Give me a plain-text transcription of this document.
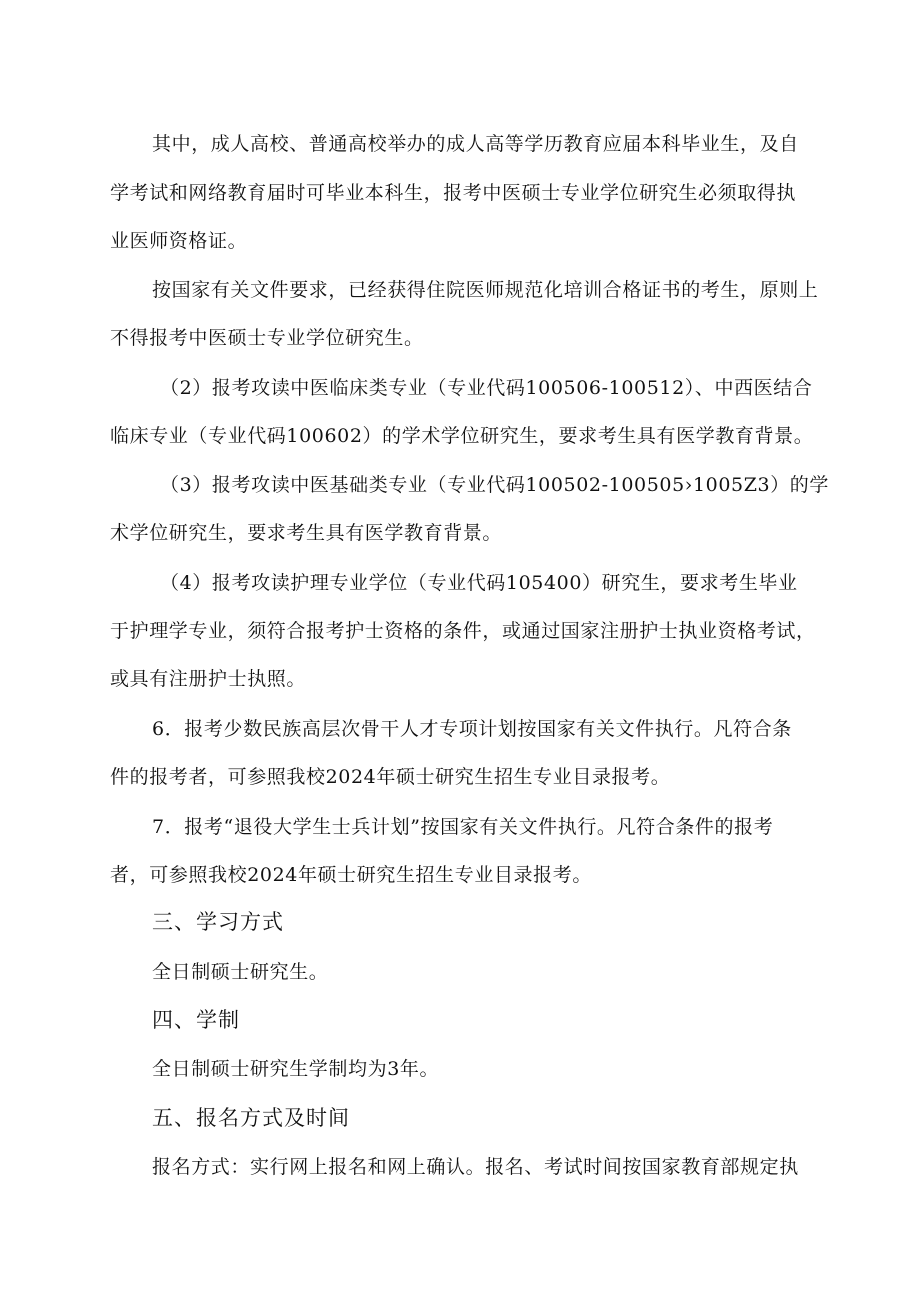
其中，成人高校、普通高校举办的成人高等学历教育应届本科毕业生，及自
学考试和网络教育届时可毕业本科生，报考中医硕士专业学位研究生必须取得执
业医师资格证。
按国家有关文件要求，已经获得住院医师规范化培训合格证书的考生，原则上
不得报考中医硕士专业学位研究生。
（2）报考攻读中医临床类专业（专业代码100506-100512）、中西医结合
临床专业（专业代码100602）的学术学位研究生，要求考生具有医学教育背景。
（3）报考攻读中医基础类专业（专业代码100502-100505›1005Z3）的学
术学位研究生，要求考生具有医学教育背景。
（4）报考攻读护理专业学位（专业代码105400）研究生，要求考生毕业
于护理学专业，须符合报考护士资格的条件，或通过国家注册护士执业资格考试，
或具有注册护士执照。
6．报考少数民族高层次骨干人才专项计划按国家有关文件执行。凡符合条
件的报考者，可参照我校2024年硕士研究生招生专业目录报考。
7．报考“退役大学生士兵计划”按国家有关文件执行。凡符合条件的报考
者，可参照我校2024年硕士研究生招生专业目录报考。
三、学习方式
全日制硕士研究生。
四、学制
全日制硕士研究生学制均为3年。
五、报名方式及时间
报名方式：实行网上报名和网上确认。报名、考试时间按国家教育部规定执
